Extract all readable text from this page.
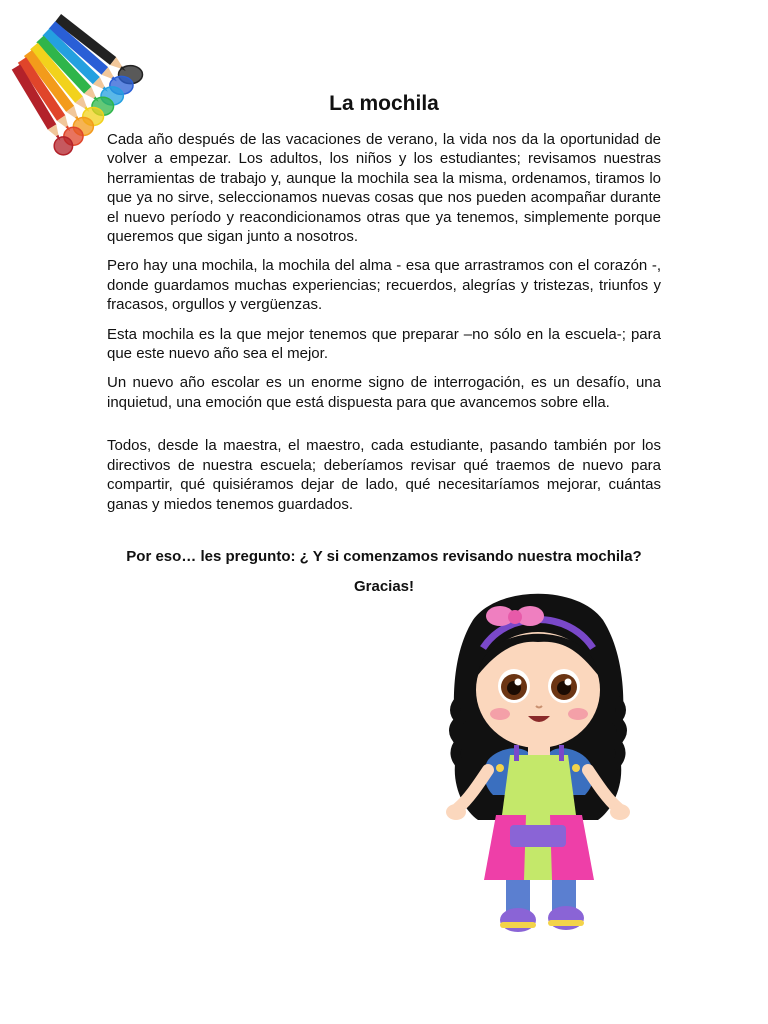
La mochila

Cada año después de las vacaciones de verano, la vida nos da la oportunidad de volver a empezar. Los adultos, los niños y los estudiantes; revisamos nuestras herramientas de trabajo y, aunque la mochila sea la misma, ordenamos, tiramos lo que ya no sirve, seleccionamos nuevas cosas que nos pueden acompañar durante el nuevo período y reacondicionamos otras que ya tenemos, simplemente porque queremos que sigan junto a nosotros.

Pero hay una mochila, la mochila del alma - esa que arrastramos con el corazón -, donde guardamos muchas experiencias; recuerdos, alegrías y tristezas, triunfos y fracasos, orgullos y vergüenzas.

Esta mochila es la que mejor tenemos que preparar –no sólo en la escuela-; para que este nuevo año sea el mejor.

Un nuevo año escolar es un enorme signo de interrogación, es un desafío, una inquietud, una emoción que está dispuesta para que avancemos sobre ella.

Todos, desde la maestra, el maestro, cada estudiante, pasando también por los directivos de nuestra escuela; deberíamos revisar qué traemos de nuevo para compartir, qué quisiéramos dejar de lado, qué necesitaríamos mejorar, cuántas ganas y miedos tenemos guardados.

Por eso… les pregunto: ¿ Y si comenzamos revisando nuestra mochila?
Gracias!
